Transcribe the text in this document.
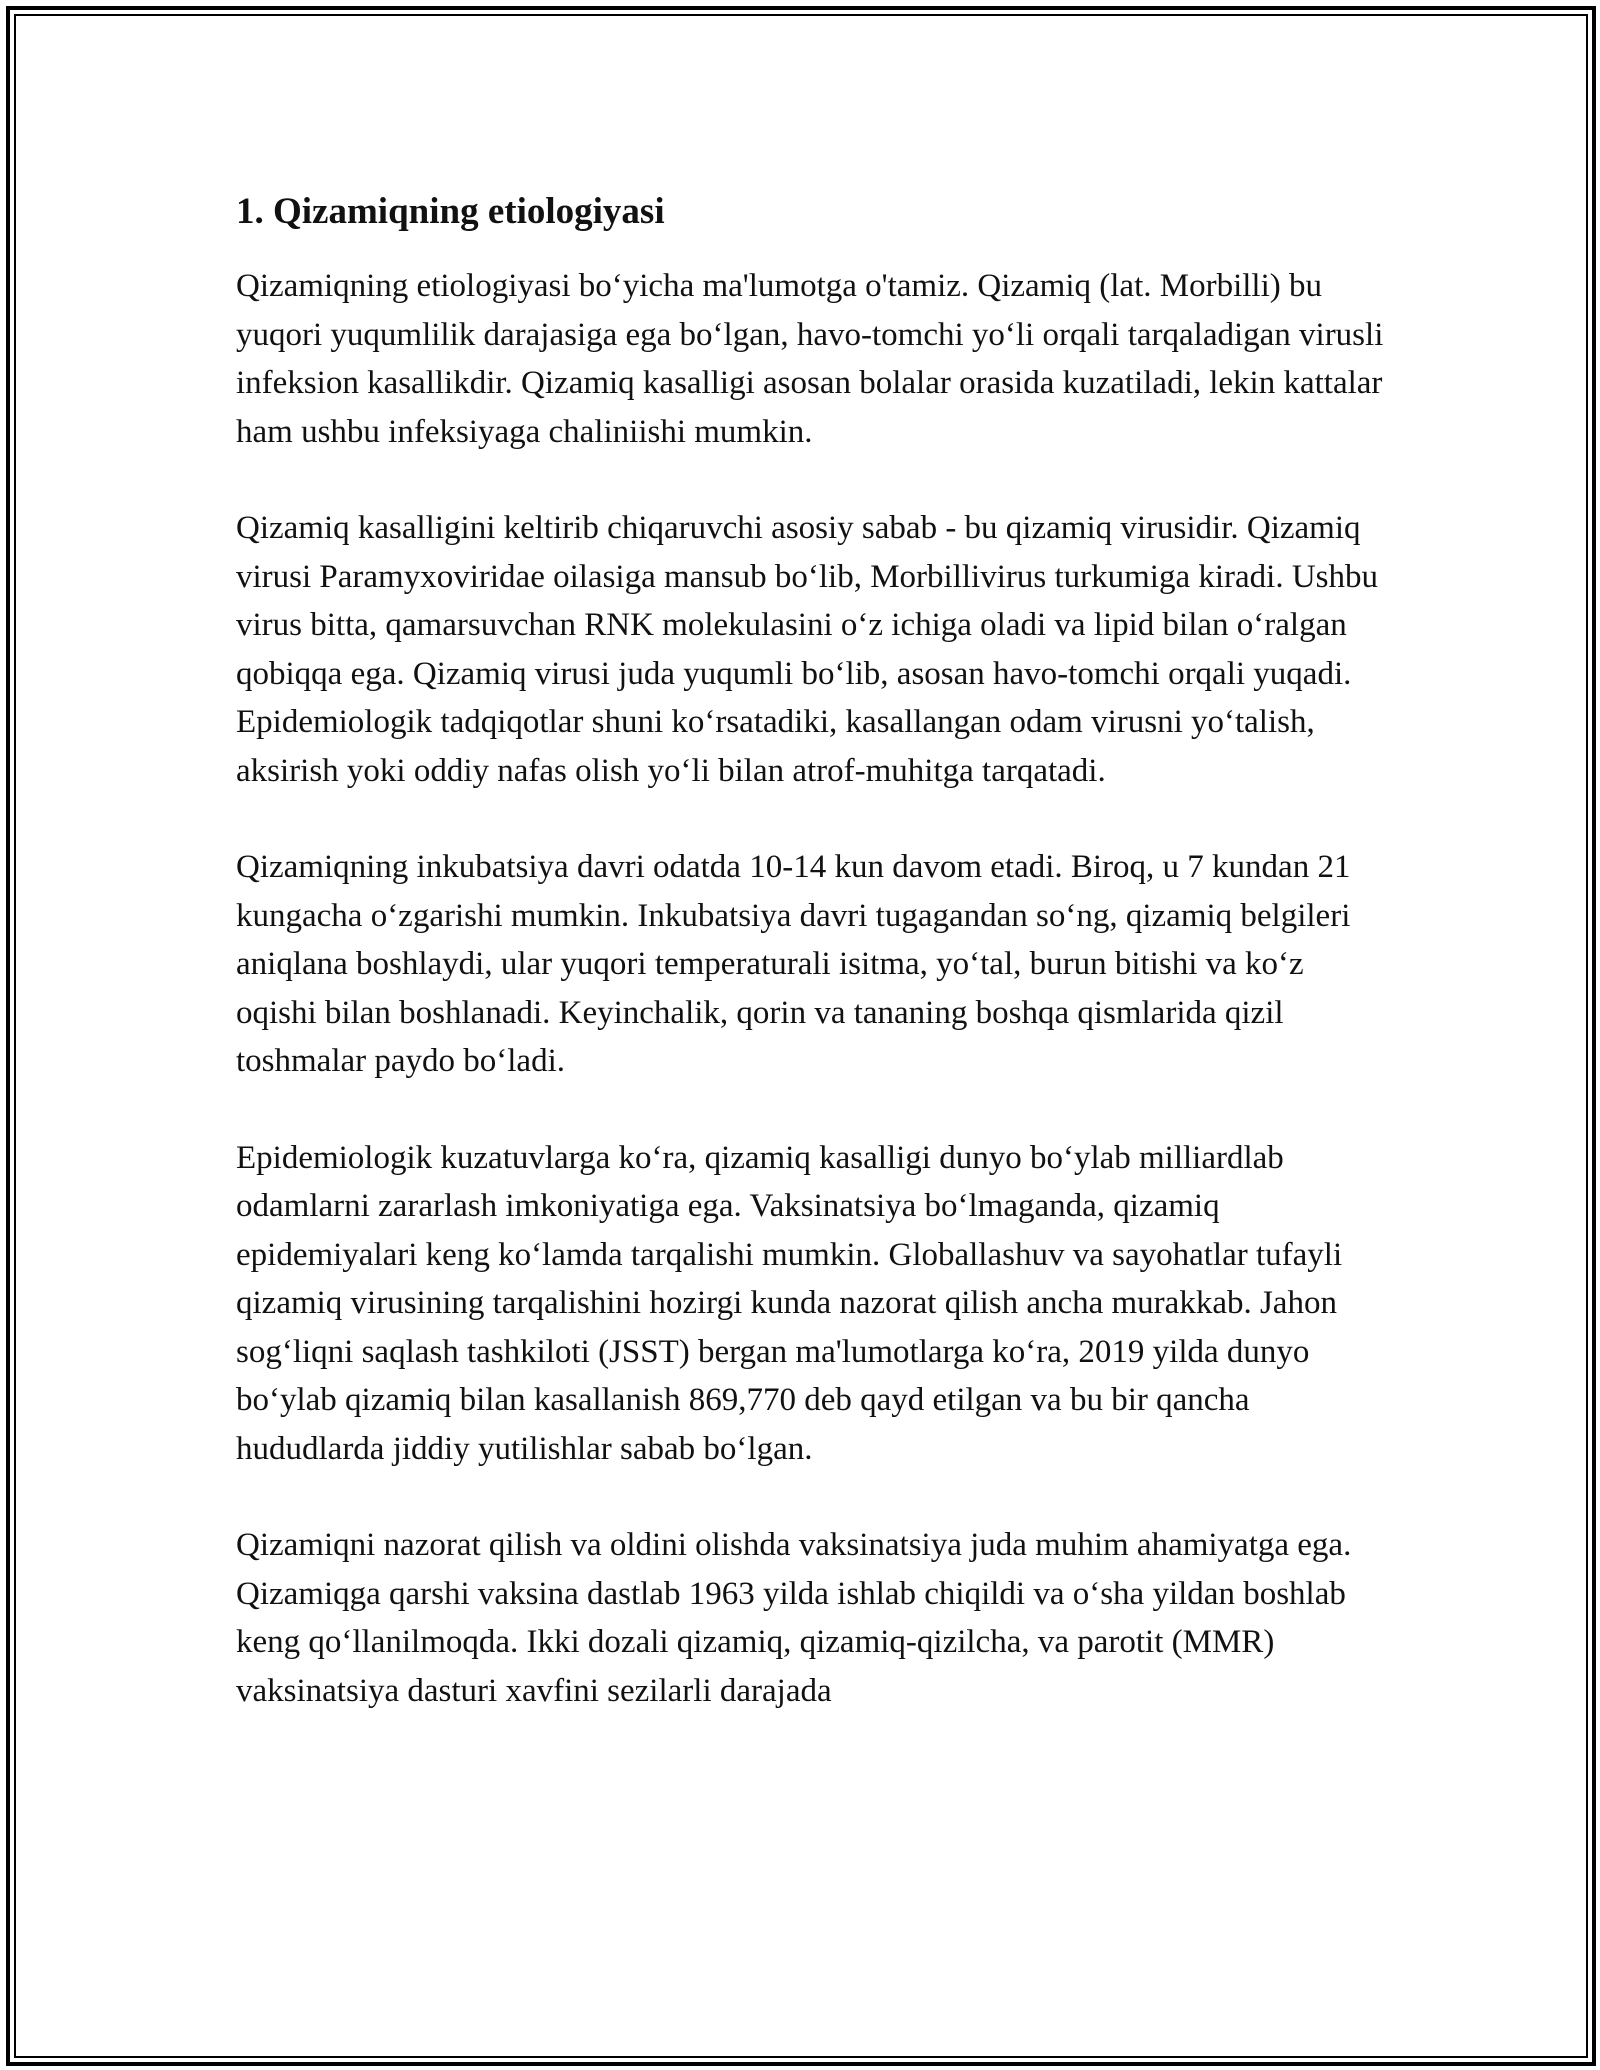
1. Qizamiqning etiologiyasi

Qizamiqning etiologiyasi bo‘yicha ma'lumotga o'tamiz. Qizamiq (lat. Morbilli) bu yuqori yuqumlilik darajasiga ega bo‘lgan, havo-tomchi yo‘li orqali tarqaladigan virusli infeksion kasallikdir. Qizamiq kasalligi asosan bolalar orasida kuzatiladi, lekin kattalar ham ushbu infeksiyaga chaliniishi mumkin.

Qizamiq kasalligini keltirib chiqaruvchi asosiy sabab - bu qizamiq virusidir. Qizamiq virusi Paramyxoviridae oilasiga mansub bo‘lib, Morbillivirus turkumiga kiradi. Ushbu virus bitta, qamarsuvchan RNK molekulasini o‘z ichiga oladi va lipid bilan o‘ralgan qobiqqa ega. Qizamiq virusi juda yuqumli bo‘lib, asosan havo-tomchi orqali yuqadi. Epidemiologik tadqiqotlar shuni ko‘rsatadiki, kasallangan odam virusni yo‘talish, aksirish yoki oddiy nafas olish yo‘li bilan atrof-muhitga tarqatadi.

Qizamiqning inkubatsiya davri odatda 10-14 kun davom etadi. Biroq, u 7 kundan 21 kungacha o‘zgarishi mumkin. Inkubatsiya davri tugagandan so‘ng, qizamiq belgileri aniqlana boshlaydi, ular yuqori temperaturali isitma, yo‘tal, burun bitishi va ko‘z oqishi bilan boshlanadi. Keyinchalik, qorin va tananing boshqa qismlarida qizil toshmalar paydo bo‘ladi.

Epidemiologik kuzatuvlarga ko‘ra, qizamiq kasalligi dunyo bo‘ylab milliardlab odamlarni zararlash imkoniyatiga ega. Vaksinatsiya bo‘lmaganda, qizamiq epidemiyalari keng ko‘lamda tarqalishi mumkin. Globallashuv va sayohatlar tufayli qizamiq virusining tarqalishini hozirgi kunda nazorat qilish ancha murakkab. Jahon sog‘liqni saqlash tashkiloti (JSST) bergan ma'lumotlarga ko‘ra, 2019 yilda dunyo bo‘ylab qizamiq bilan kasallanish 869,770 deb qayd etilgan va bu bir qancha hududlarda jiddiy yutilishlar sabab bo‘lgan.

Qizamiqni nazorat qilish va oldini olishda vaksinatsiya juda muhim ahamiyatga ega. Qizamiqga qarshi vaksina dastlab 1963 yilda ishlab chiqildi va o‘sha yildan boshlab keng qo‘llanilmoqda. Ikki dozali qizamiq, qizamiq-qizilcha, va parotit (MMR) vaksinatsiya dasturi xavfini sezilarli darajada
